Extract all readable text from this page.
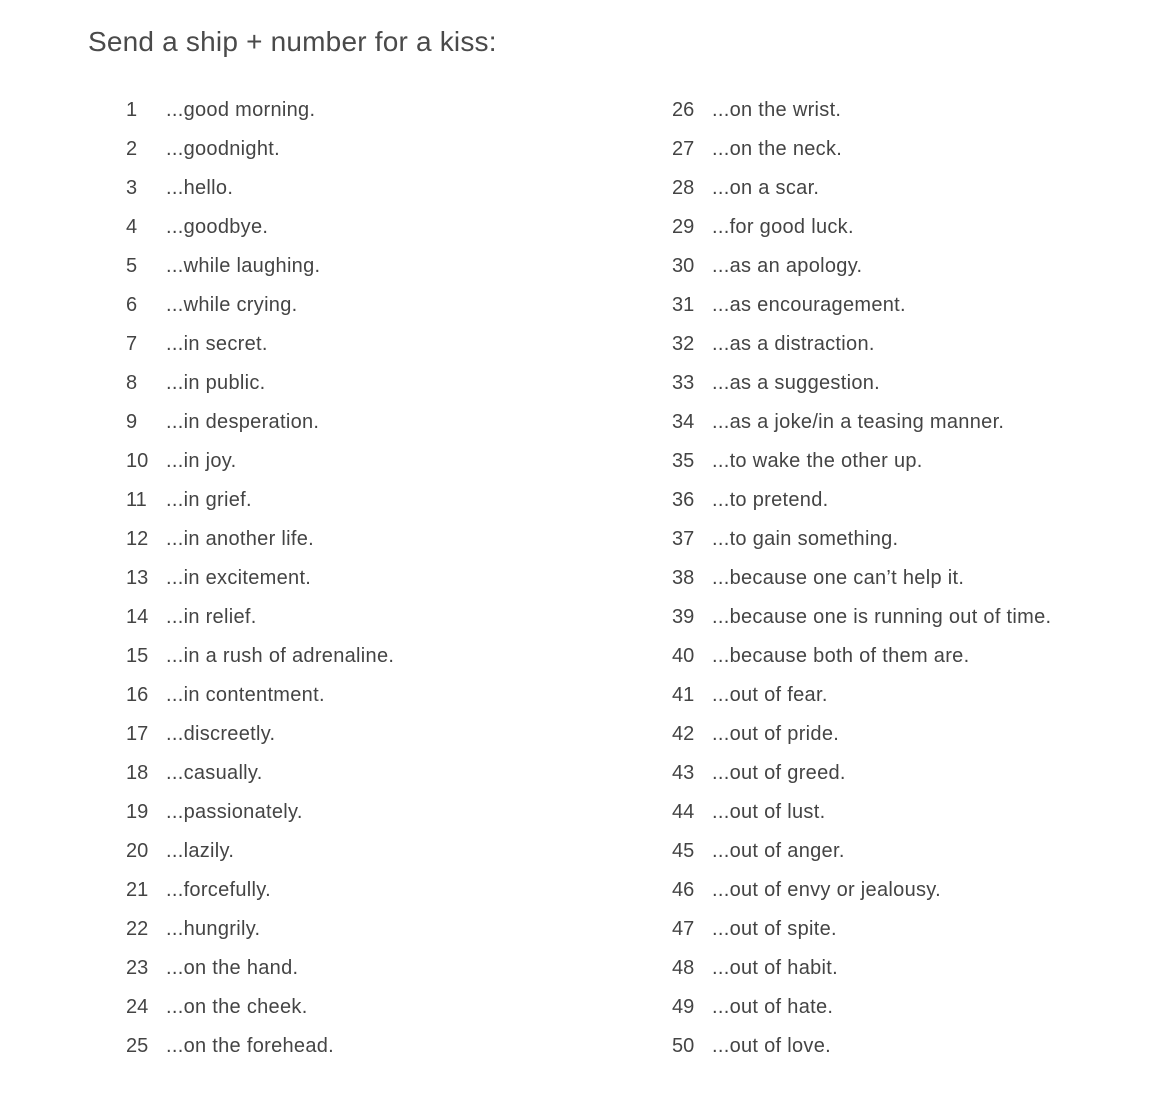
Send a ship + number for a kiss:
1 ...good morning.
2 ...goodnight.
3 ...hello.
4 ...goodbye.
5 ...while laughing.
6 ...while crying.
7 ...in secret.
8 ...in public.
9 ...in desperation.
10 ...in joy.
11 ...in grief.
12 ...in another life.
13 ...in excitement.
14 ...in relief.
15 ...in a rush of adrenaline.
16 ...in contentment.
17 ...discreetly.
18 ...casually.
19 ...passionately.
20 ...lazily.
21 ...forcefully.
22 ...hungrily.
23 ...on the hand.
24 ...on the cheek.
25 ...on the forehead.
26 ...on the wrist.
27 ...on the neck.
28 ...on a scar.
29 ...for good luck.
30 ...as an apology.
31 ...as encouragement.
32 ...as a distraction.
33 ...as a suggestion.
34 ...as a joke/in a teasing manner.
35 ...to wake the other up.
36 ...to pretend.
37 ...to gain something.
38 ...because one can’t help it.
39 ...because one is running out of time.
40 ...because both of them are.
41 ...out of fear.
42 ...out of pride.
43 ...out of greed.
44 ...out of lust.
45 ...out of anger.
46 ...out of envy or jealousy.
47 ...out of spite.
48 ...out of habit.
49 ...out of hate.
50 ...out of love.
